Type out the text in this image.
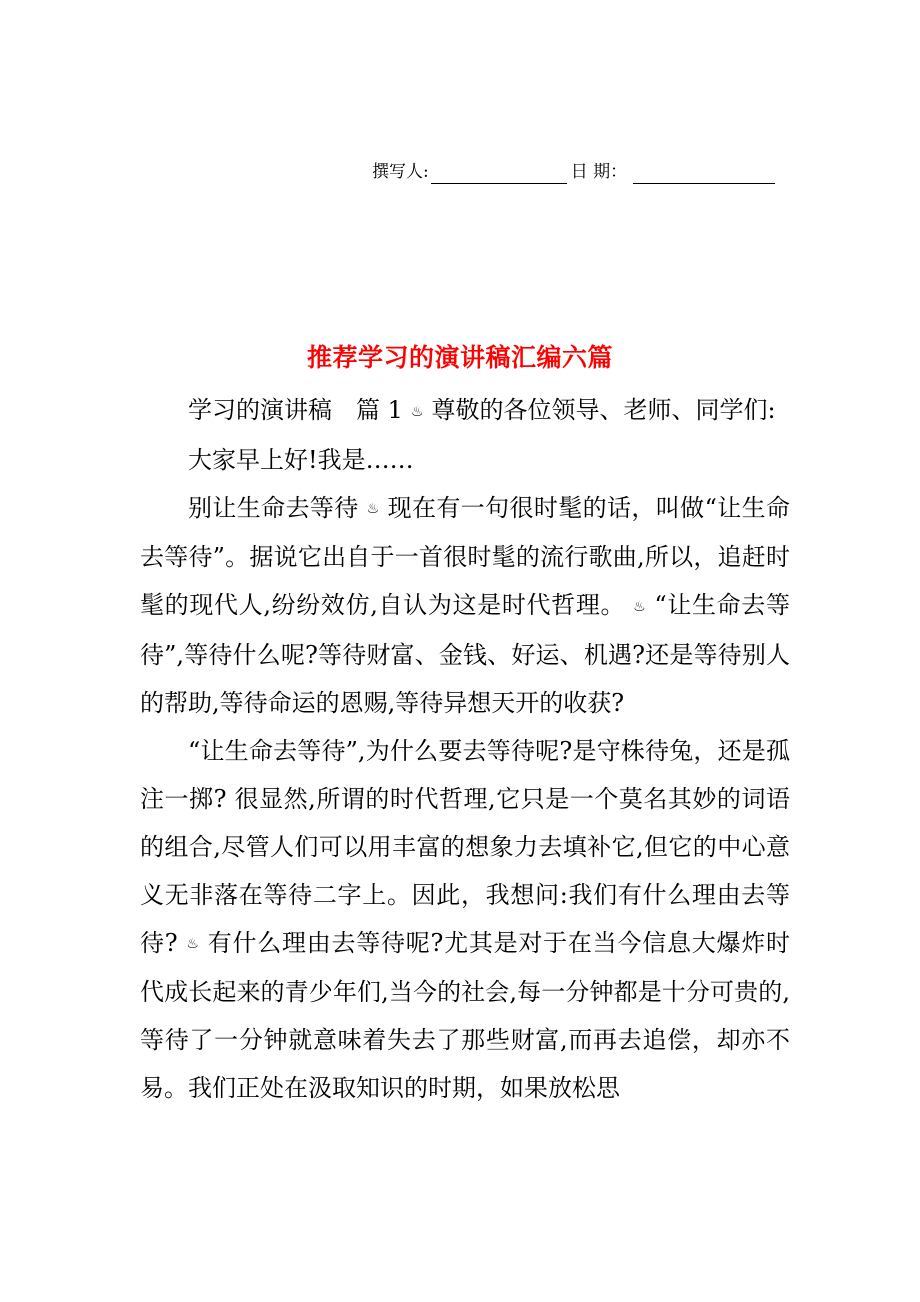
撰写人:	日 期：
推荐学习的演讲稿汇编六篇

学习的演讲稿　篇 1 ♨ 尊敬的各位领导、老师、同学们:

大家早上好!我是……

别让生命去等待 ♨ 现在有一句很时髦的话，叫做“让生命去等待”。据说它出自于一首很时髦的流行歌曲,所以，追赶时髦的现代人,纷纷效仿,自认为这是时代哲理。 ♨ “让生命去等待”,等待什么呢?等待财富、金钱、好运、机遇?还是等待别人的帮助,等待命运的恩赐,等待异想天开的收获?

“让生命去等待”,为什么要去等待呢?是守株待兔，还是孤注一掷? 很显然,所谓的时代哲理,它只是一个莫名其妙的词语的组合,尽管人们可以用丰富的想象力去填补它,但它的中心意义无非落在等待二字上。因此，我想问:我们有什么理由去等待? ♨ 有什么理由去等待呢?尤其是对于在当今信息大爆炸时代成长起来的青少年们,当今的社会,每一分钟都是十分可贵的,等待了一分钟就意味着失去了那些财富,而再去追偿，却亦不易。我们正处在汲取知识的时期，如果放松思
